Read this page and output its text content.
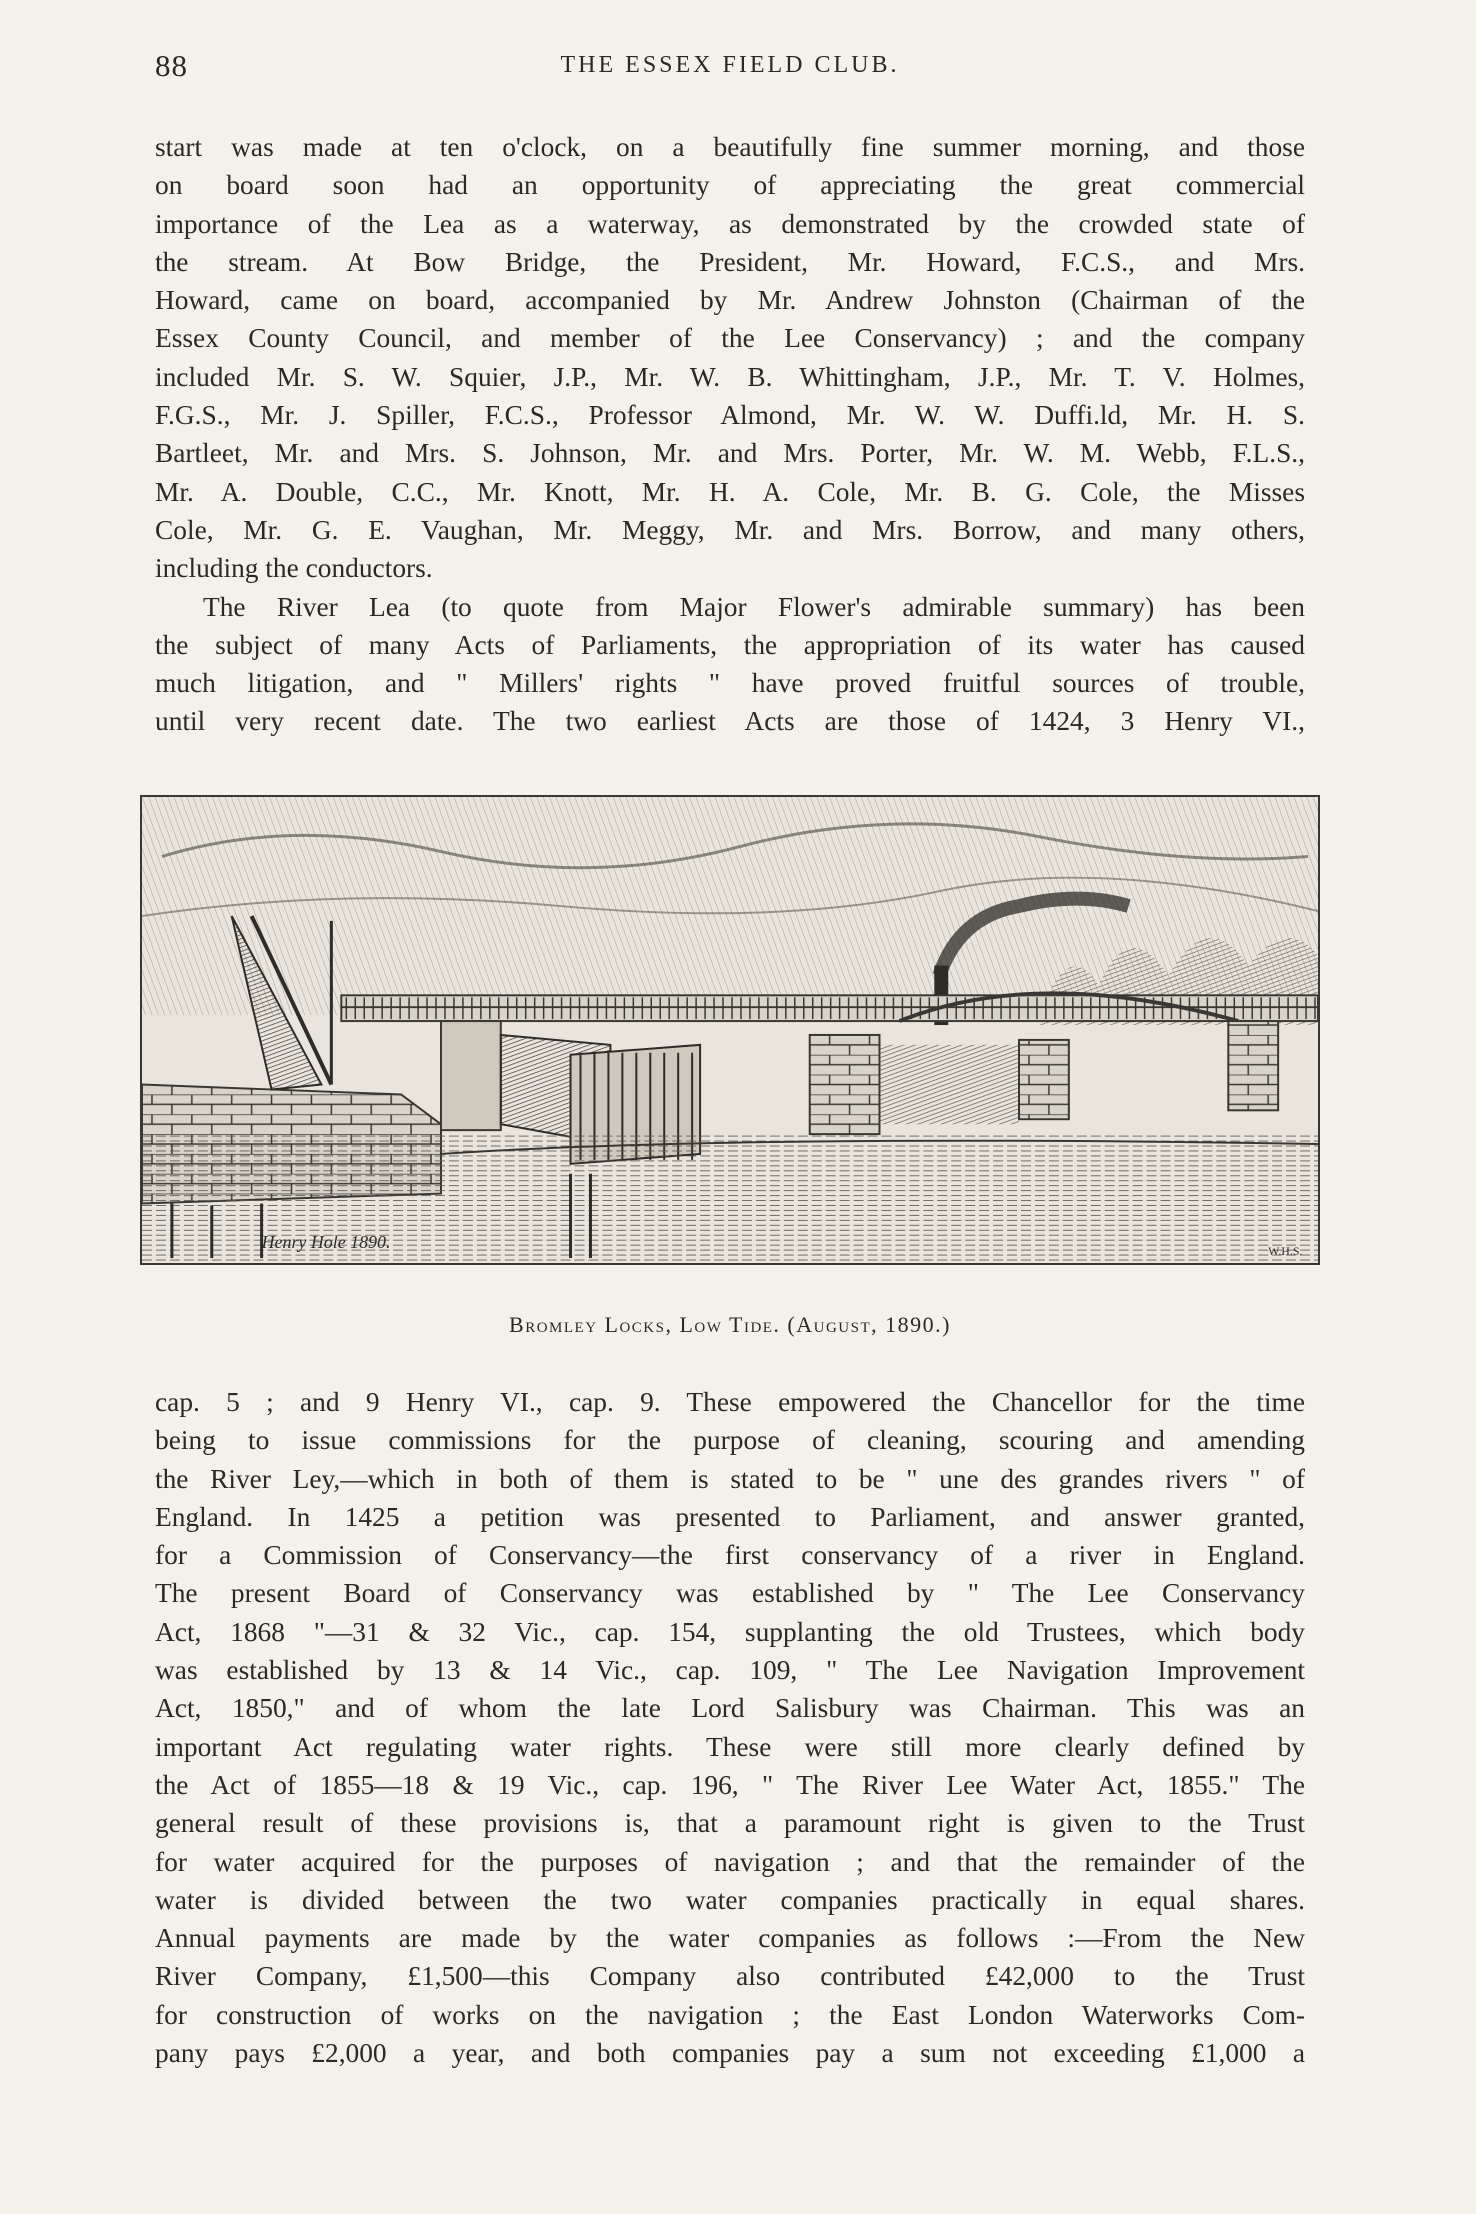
88	THE ESSEX FIELD CLUB.
start was made at ten o'clock, on a beautifully fine summer morning, and those
on board soon had an opportunity of appreciating the great commercial
importance of the Lea as a waterway, as demonstrated by the crowded state of
the stream. At Bow Bridge, the President, Mr. Howard, F.C.S., and Mrs.
Howard, came on board, accompanied by Mr. Andrew Johnston (Chairman of the
Essex County Council, and member of the Lee Conservancy) ; and the company
included Mr. S. W. Squier, J.P., Mr. W. B. Whittingham, J.P., Mr. T. V. Holmes,
F.G.S., Mr. J. Spiller, F.C.S., Professor Almond, Mr. W. W. Duffi.ld, Mr. H. S.
Bartleet, Mr. and Mrs. S. Johnson, Mr. and Mrs. Porter, Mr. W. M. Webb, F.L.S.,
Mr. A. Double, C.C., Mr. Knott, Mr. H. A. Cole, Mr. B. G. Cole, the Misses
Cole, Mr. G. E. Vaughan, Mr. Meggy, Mr. and Mrs. Borrow, and many others,
including the conductors.
The River Lea (to quote from Major Flower's admirable summary) has been
the subject of many Acts of Parliaments, the appropriation of its water has caused
much litigation, and " Millers' rights " have proved fruitful sources of trouble,
until very recent date. The two earliest Acts are those of 1424, 3 Henry VI.,
Henry Hole 1890.	W.H.S.
Bromley Locks, Low Tide. (August, 1890.)
cap. 5 ; and 9 Henry VI., cap. 9. These empowered the Chancellor for the time
being to issue commissions for the purpose of cleaning, scouring and amending
the River Ley,—which in both of them is stated to be " une des grandes rivers " of
England. In 1425 a petition was presented to Parliament, and answer granted,
for a Commission of Conservancy—the first conservancy of a river in England.
The present Board of Conservancy was established by " The Lee Conservancy
Act, 1868 "—31 & 32 Vic., cap. 154, supplanting the old Trustees, which body
was established by 13 & 14 Vic., cap. 109, " The Lee Navigation Improvement
Act, 1850," and of whom the late Lord Salisbury was Chairman. This was an
important Act regulating water rights. These were still more clearly defined by
the Act of 1855—18 & 19 Vic., cap. 196, " The River Lee Water Act, 1855." The
general result of these provisions is, that a paramount right is given to the Trust
for water acquired for the purposes of navigation ; and that the remainder of the
water is divided between the two water companies practically in equal shares.
Annual payments are made by the water companies as follows :—From the New
River Company, £1,500—this Company also contributed £42,000 to the Trust
for construction of works on the navigation ; the East London Waterworks Com-
pany pays £2,000 a year, and both companies pay a sum not exceeding £1,000 a
